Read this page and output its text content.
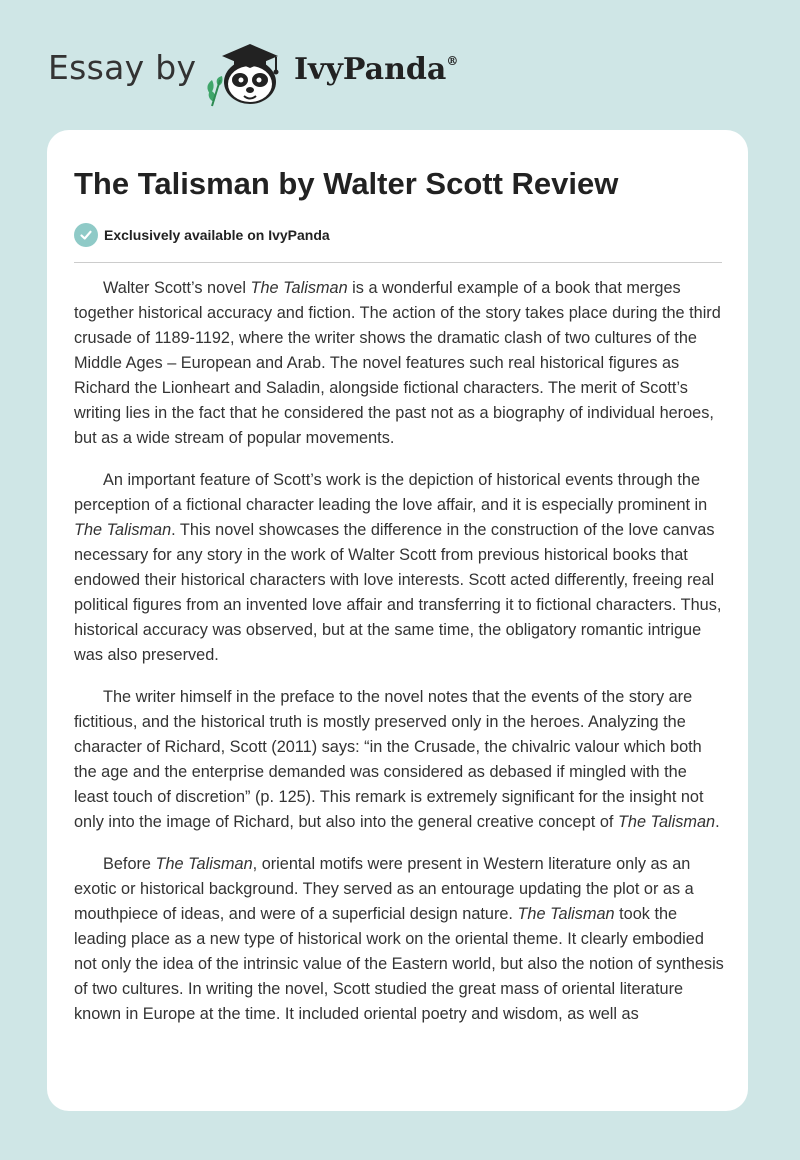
Essay by	IvyPanda®
The Talisman by Walter Scott Review
Exclusively available on IvyPanda

Walter Scott’s novel The Talisman is a wonderful example of a book that merges together historical accuracy and fiction. The action of the story takes place during the third crusade of 1189-1192, where the writer shows the dramatic clash of two cultures of the Middle Ages – European and Arab. The novel features such real historical figures as Richard the Lionheart and Saladin, alongside fictional characters. The merit of Scott’s writing lies in the fact that he considered the past not as a biography of individual heroes, but as a wide stream of popular movements.

An important feature of Scott’s work is the depiction of historical events through the perception of a fictional character leading the love affair, and it is especially prominent in The Talisman. This novel showcases the difference in the construction of the love canvas necessary for any story in the work of Walter Scott from previous historical books that endowed their historical characters with love interests. Scott acted differently, freeing real political figures from an invented love affair and transferring it to fictional characters. Thus, historical accuracy was observed, but at the same time, the obligatory romantic intrigue was also preserved.

The writer himself in the preface to the novel notes that the events of the story are fictitious, and the historical truth is mostly preserved only in the heroes. Analyzing the character of Richard, Scott (2011) says: “in the Crusade, the chivalric valour which both the age and the enterprise demanded was considered as debased if mingled with the least touch of discretion” (p. 125). This remark is extremely significant for the insight not only into the image of Richard, but also into the general creative concept of The Talisman.

Before The Talisman, oriental motifs were present in Western literature only as an exotic or historical background. They served as an entourage updating the plot or as a mouthpiece of ideas, and were of a superficial design nature. The Talisman took the leading place as a new type of historical work on the oriental theme. It clearly embodied not only the idea of the intrinsic value of the Eastern world, but also the notion of synthesis of two cultures. In writing the novel, Scott studied the great mass of oriental literature known in Europe at the time. It included oriental poetry and wisdom, as well as
